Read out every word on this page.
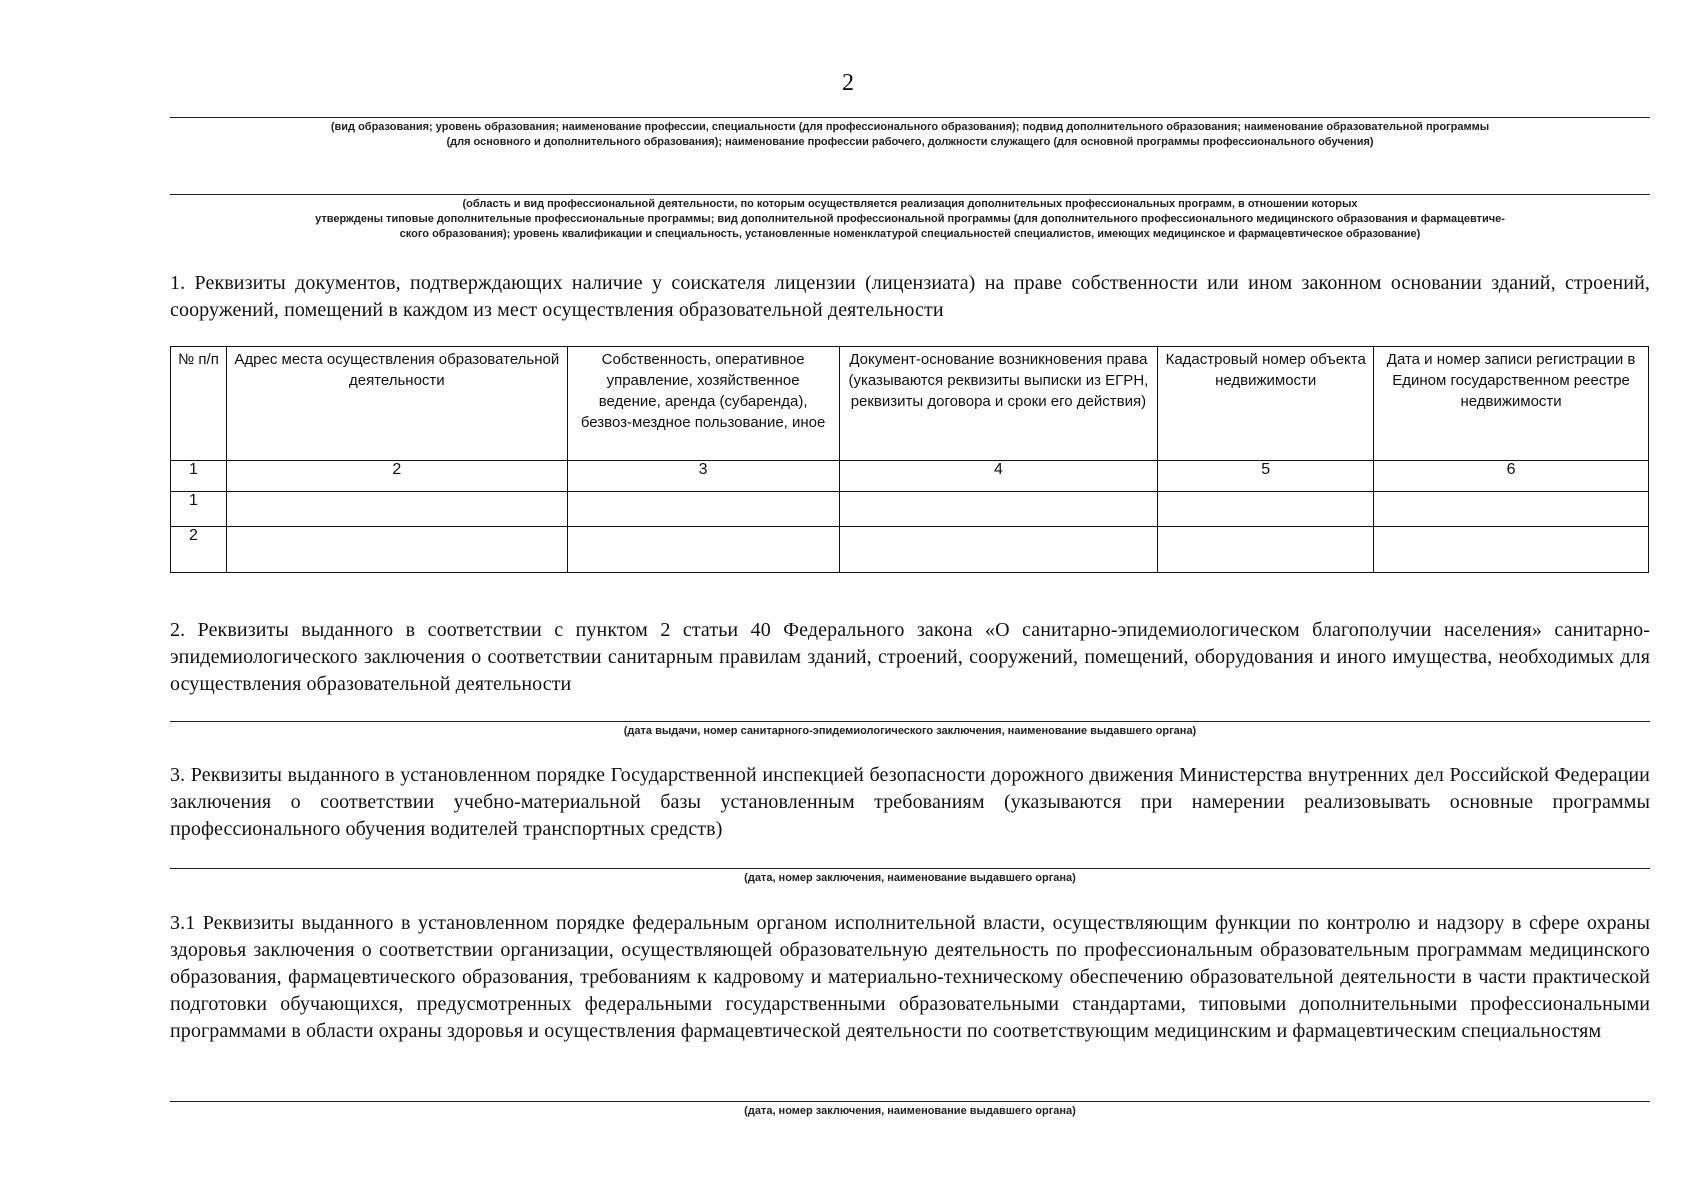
2
(вид образования; уровень образования; наименование профессии, специальности (для профессионального образования); подвид дополнительного образования; наименование образовательной программы
(для основного и дополнительного образования); наименование профессии рабочего, должности служащего (для основной программы профессионального обучения)
(область и вид профессиональной деятельности, по которым осуществляется реализация дополнительных профессиональных программ, в отношении которых
утверждены типовые дополнительные профессиональные программы; вид дополнительной профессиональной программы (для дополнительного профессионального медицинского образования и фармацевтиче-
ского образования); уровень квалификации и специальность, установленные номенклатурой специальностей специалистов, имеющих медицинское и фармацевтическое образование)
1. Реквизиты документов, подтверждающих наличие у соискателя лицензии (лицензиата) на праве собственности или ином законном основании зданий, строений, сооружений, помещений в каждом из мест осуществления образовательной деятельности
№ п/п	Адрес места осуществления образовательной деятельности	Собственность, оперативное управление, хозяйственное ведение, аренда (субаренда), безвоз-мездное пользование, иное	Документ-основание возникновения права (указываются реквизиты выписки из ЕГРН, реквизиты договора и сроки его действия)	Кадастровый номер объекта недвижимости	Дата и номер записи регистрации в Едином государственном реестре недвижимости
1	2	3	4	5	6
1					
2					
2. Реквизиты выданного в соответствии с пунктом 2 статьи 40 Федерального закона «О санитарно-эпидемиологическом благополучии населения» санитарно-эпидемиологического заключения о соответствии санитарным правилам зданий, строений, сооружений, помещений, оборудования и иного имущества, необходимых для осуществления образовательной деятельности
(дата выдачи, номер санитарного-эпидемиологического заключения, наименование выдавшего органа)
3. Реквизиты выданного в установленном порядке Государственной инспекцией безопасности дорожного движения Министерства внутренних дел Российской Федерации заключения о соответствии учебно-материальной базы установленным требованиям (указываются при намерении реализовывать основные программы профессионального обучения водителей транспортных средств)
(дата, номер заключения, наименование выдавшего органа)
3.1 Реквизиты выданного в установленном порядке федеральным органом исполнительной власти, осуществляющим функции по контролю и надзору в сфере охраны здоровья заключения о соответствии организации, осуществляющей образовательную деятельность по профессиональным образовательным программам медицинского образования, фармацевтического образования, требованиям к кадровому и материально-техническому обеспечению образовательной деятельности в части практической подготовки обучающихся, предусмотренных федеральными государственными образовательными стандартами, типовыми дополнительными профессиональными программами в области охраны здоровья и осуществления фармацевтической деятельности по соответствующим медицинским и фармацевтическим специальностям
(дата, номер заключения, наименование выдавшего органа)
